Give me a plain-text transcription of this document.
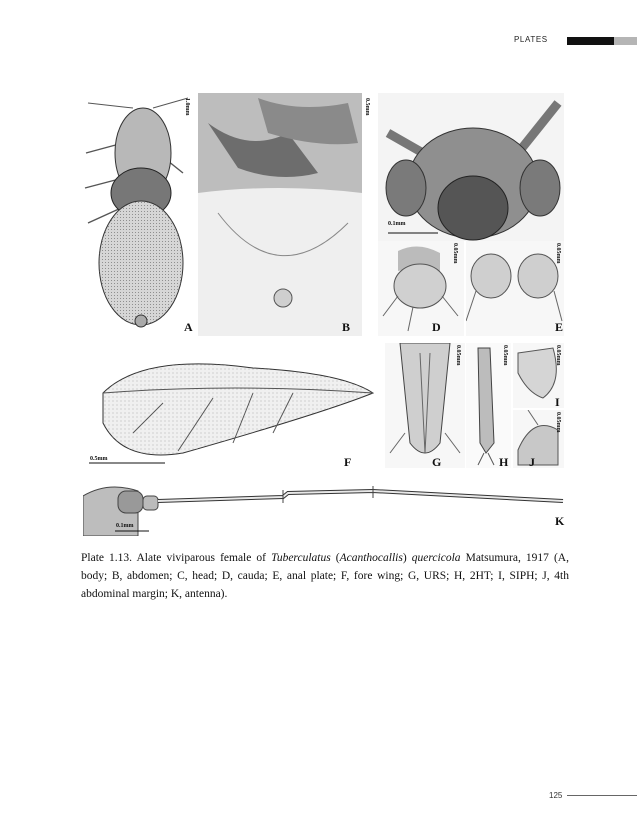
PLATES
1.0mm
A
0.5mm
B
0.1mm
0.05mm
D
0.05mm
E
0.5mm	F
0.05mm
G
0.05mm
H
0.05mm
I
0.05mm
J
0.1mm	K
Plate 1.13. Alate viviparous female of Tuberculatus (Acanthocallis) quercicola Matsumura, 1917 (A, body; B, abdomen; C, head; D, cauda; E, anal plate; F, fore wing; G, URS; H, 2HT; I, SIPH; J, 4th abdominal margin; K, antenna).
125
